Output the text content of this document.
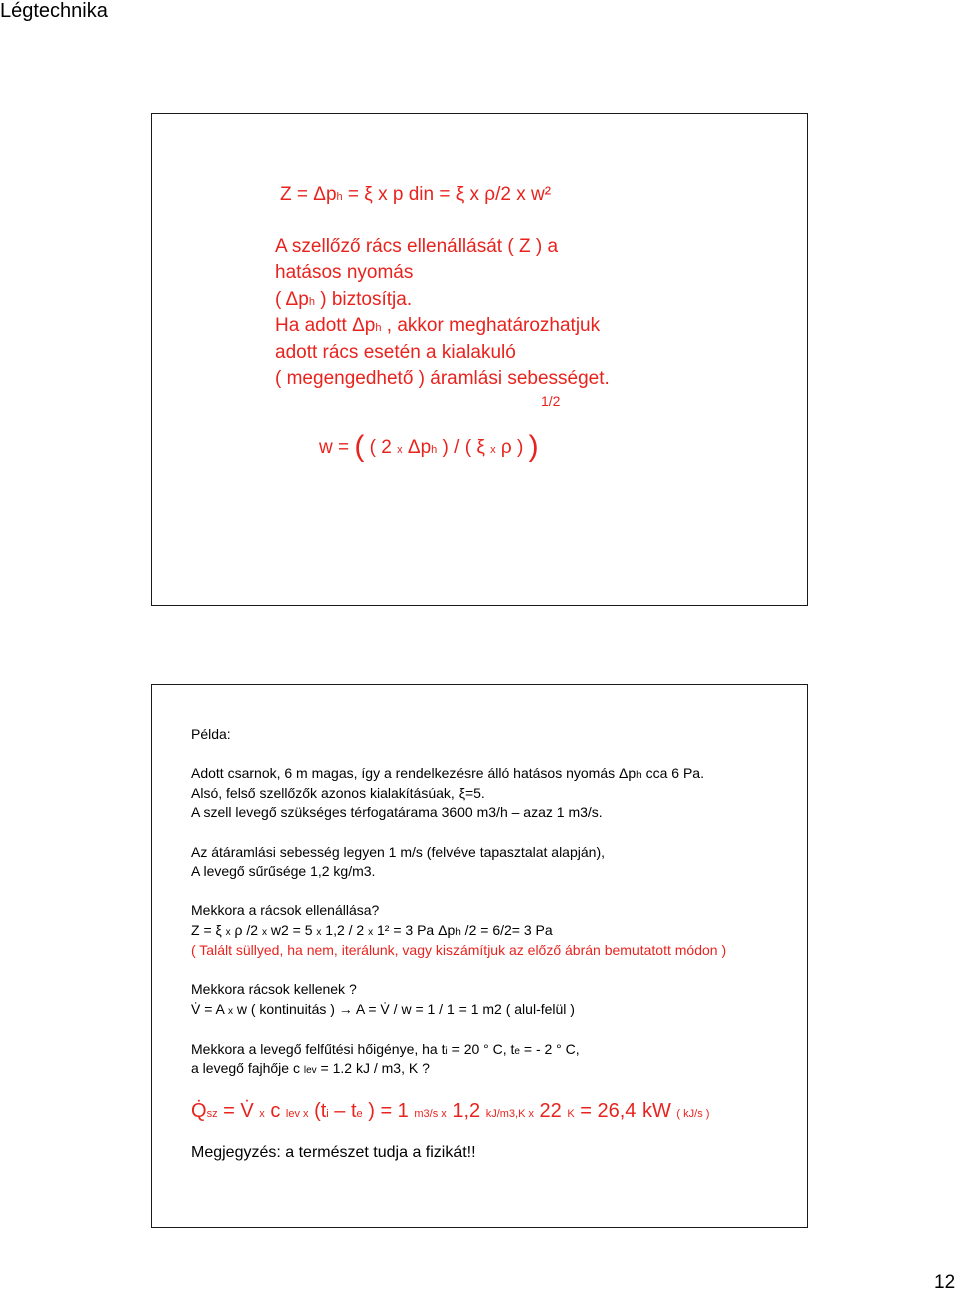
Légtechnika
Z = Δph = ξ x p din = ξ x ρ/2 x w²
A szellőző rács ellenállását ( Z ) a
hatásos nyomás
( Δph ) biztosítja.
Ha adott Δph , akkor meghatározhatjuk
adott rács esetén a kialakuló
( megengedhető ) áramlási sebességet.
1/2
w = ( ( 2 x Δph ) / ( ξ x ρ ) )
Példa:
Adott csarnok, 6 m magas, így a rendelkezésre álló hatásos nyomás Δph cca 6 Pa.
Alsó, felső szellőzők azonos kialakításúak, ξ=5.
A szell levegő szükséges térfogatárama 3600 m3/h – azaz 1 m3/s.
Az átáramlási sebesség legyen 1 m/s (felvéve tapasztalat alapján),
A levegő sűrűsége 1,2 kg/m3.
Mekkora a rácsok ellenállása?
Z = ξ x ρ /2 x w2 = 5 x 1,2 / 2 x 1² = 3 Pa Δph /2 = 6/2= 3 Pa
( Talált süllyed, ha nem, iterálunk, vagy kiszámítjuk az előző ábrán bemutatott módon )
Mekkora rácsok kellenek ?
V̇ = A x w ( kontinuitás ) → A = V̇ / w = 1 / 1 = 1 m2 ( alul-felül )
Mekkora a levegő felfűtési hőigénye, ha ti = 20 ° C, te = - 2 ° C,
a levegő fajhője c lev = 1.2 kJ / m3, K ?
Q̇sz = V̇ x c lev x (ti – te ) = 1 m3/s x 1,2 kJ/m3,K x 22 K = 26,4 kW ( kJ/s )
Megjegyzés: a természet tudja a fizikát!!
12
